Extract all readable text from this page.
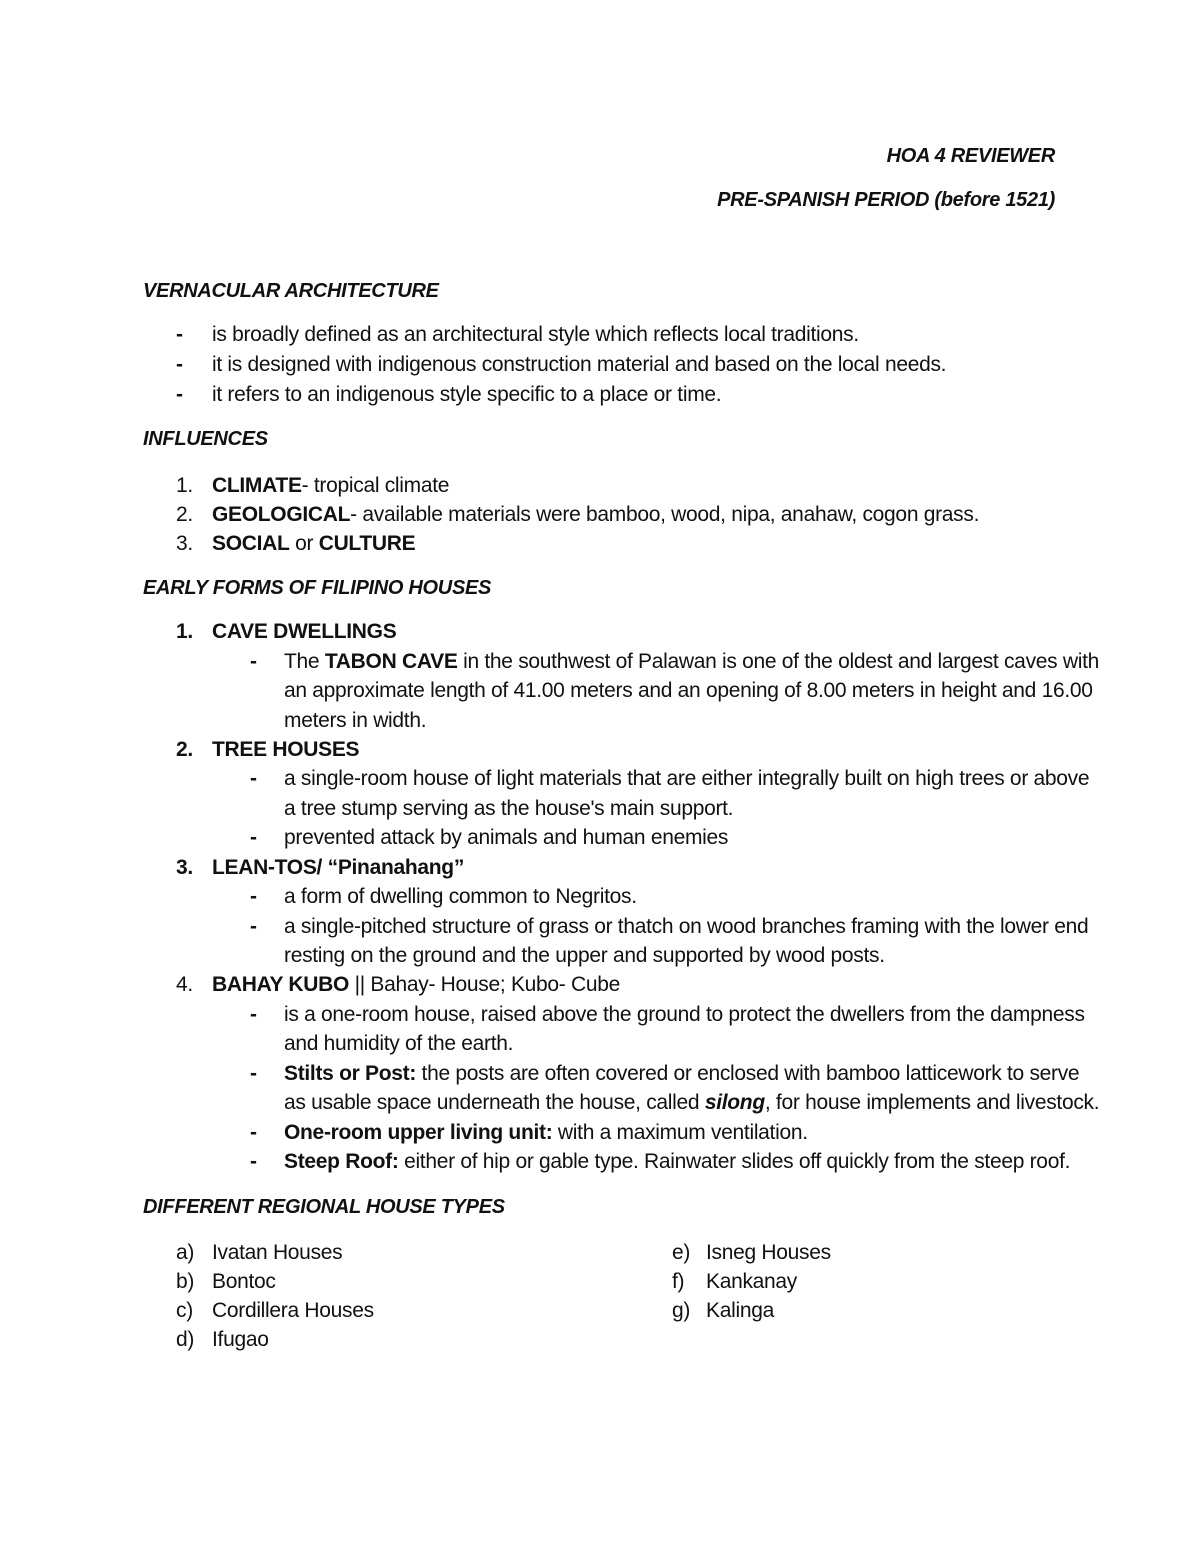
HOA 4 REVIEWER
PRE-SPANISH PERIOD (before 1521)
VERNACULAR ARCHITECTURE
- is broadly defined as an architectural style which reflects local traditions.
- it is designed with indigenous construction material and based on the local needs.
- it refers to an indigenous style specific to a place or time.
INFLUENCES
1. CLIMATE- tropical climate
2. GEOLOGICAL- available materials were bamboo, wood, nipa, anahaw, cogon grass.
3. SOCIAL or CULTURE
EARLY FORMS OF FILIPINO HOUSES
1. CAVE DWELLINGS
- The TABON CAVE in the southwest of Palawan is one of the oldest and largest caves with
an approximate length of 41.00 meters and an opening of 8.00 meters in height and 16.00
meters in width.
2. TREE HOUSES
- a single-room house of light materials that are either integrally built on high trees or above
a tree stump serving as the house's main support.
- prevented attack by animals and human enemies
3. LEAN-TOS/ “Pinanahang”
- a form of dwelling common to Negritos.
- a single-pitched structure of grass or thatch on wood branches framing with the lower end
resting on the ground and the upper and supported by wood posts.
4. BAHAY KUBO || Bahay- House; Kubo- Cube
- is a one-room house, raised above the ground to protect the dwellers from the dampness
and humidity of the earth.
- Stilts or Post: the posts are often covered or enclosed with bamboo latticework to serve
as usable space underneath the house, called silong, for house implements and livestock.
- One-room upper living unit: with a maximum ventilation.
- Steep Roof: either of hip or gable type. Rainwater slides off quickly from the steep roof.
DIFFERENT REGIONAL HOUSE TYPES
a) Ivatan Houses
b) Bontoc
c) Cordillera Houses
d) Ifugao
e) Isneg Houses
f) Kankanay
g) Kalinga
